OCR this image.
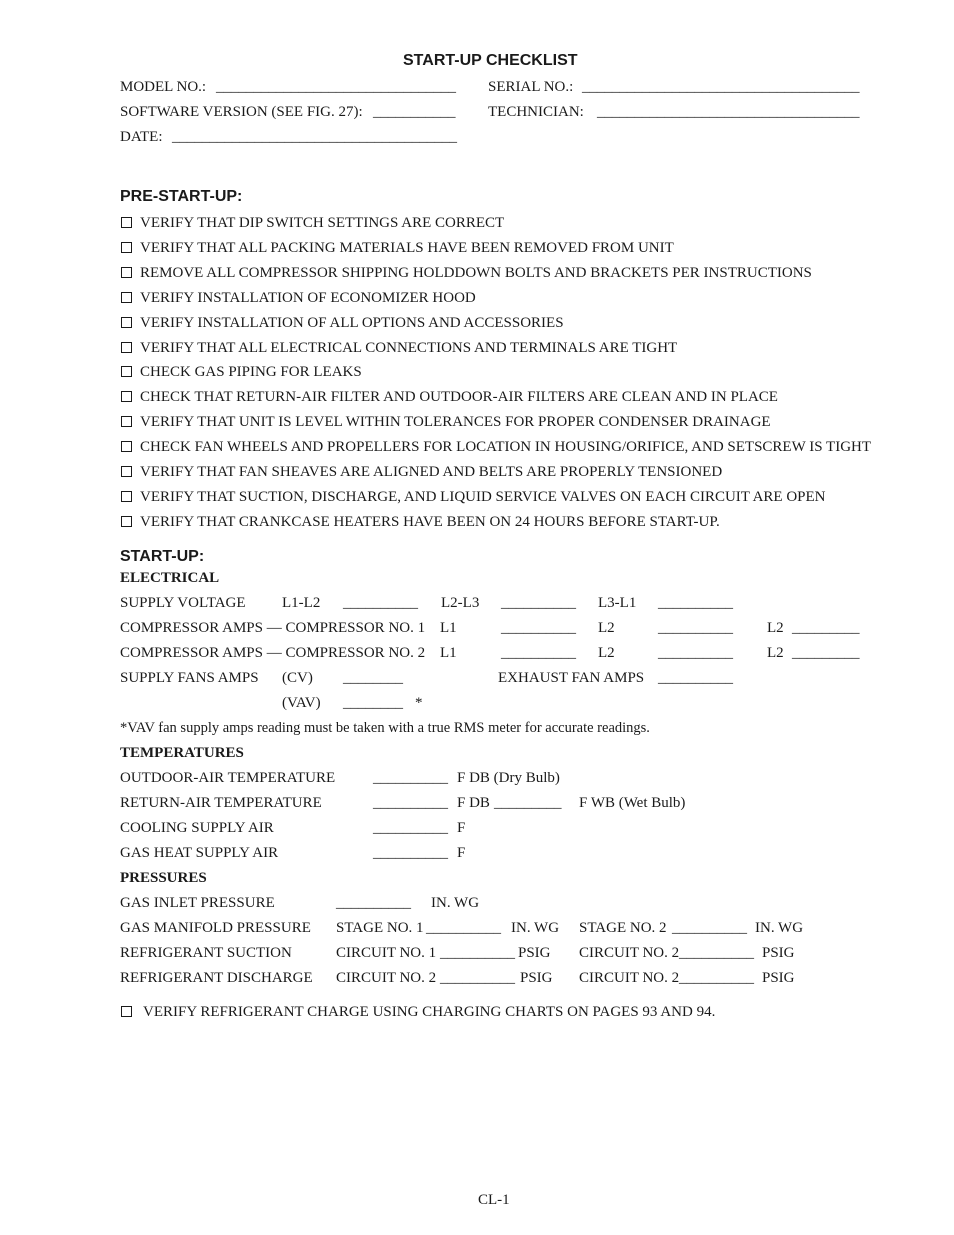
START-UP CHECKLIST
MODEL NO.: ________________________________ SERIAL NO.: _____________________________________
SOFTWARE VERSION (SEE FIG. 27): ___________ TECHNICIAN: ___________________________________
DATE: ______________________________________
PRE-START-UP:
VERIFY THAT DIP SWITCH SETTINGS ARE CORRECT
VERIFY THAT ALL PACKING MATERIALS HAVE BEEN REMOVED FROM UNIT
REMOVE ALL COMPRESSOR SHIPPING HOLDDOWN BOLTS AND BRACKETS PER INSTRUCTIONS
VERIFY INSTALLATION OF ECONOMIZER HOOD
VERIFY INSTALLATION OF ALL OPTIONS AND ACCESSORIES
VERIFY THAT ALL ELECTRICAL CONNECTIONS AND TERMINALS ARE TIGHT
CHECK GAS PIPING FOR LEAKS
CHECK THAT RETURN-AIR FILTER AND OUTDOOR-AIR FILTERS ARE CLEAN AND IN PLACE
VERIFY THAT UNIT IS LEVEL WITHIN TOLERANCES FOR PROPER CONDENSER DRAINAGE
CHECK FAN WHEELS AND PROPELLERS FOR LOCATION IN HOUSING/ORIFICE, AND SETSCREW IS TIGHT
VERIFY THAT FAN SHEAVES ARE ALIGNED AND BELTS ARE PROPERLY TENSIONED
VERIFY THAT SUCTION, DISCHARGE, AND LIQUID SERVICE VALVES ON EACH CIRCUIT ARE OPEN
VERIFY THAT CRANKCASE HEATERS HAVE BEEN ON 24 HOURS BEFORE START-UP.
START-UP:
ELECTRICAL
SUPPLY VOLTAGE L1-L2 __________ L2-L3 __________ L3-L1 __________
COMPRESSOR AMPS — COMPRESSOR NO. 1 L1	__________ L2	__________ L2 _________
COMPRESSOR AMPS — COMPRESSOR NO. 2 L1	__________ L2	__________ L2 _________
SUPPLY FANS AMPS (CV) ________	EXHAUST FAN AMPS __________
(VAV) ________ *
*VAV fan supply amps reading must be taken with a true RMS meter for accurate readings.
TEMPERATURES
OUTDOOR-AIR TEMPERATURE	__________ F DB (Dry Bulb)
RETURN-AIR TEMPERATURE	__________ F DB _________ F WB (Wet Bulb)
COOLING SUPPLY AIR	__________ F
GAS HEAT SUPPLY AIR	__________ F
PRESSURES
GAS INLET PRESSURE	__________ IN. WG
GAS MANIFOLD PRESSURE STAGE NO. 1 __________ IN. WG STAGE NO. 2 __________ IN. WG
REFRIGERANT SUCTION	CIRCUIT NO. 1 __________ PSIG CIRCUIT NO. 2 __________ PSIG
REFRIGERANT DISCHARGE CIRCUIT NO. 2 __________ PSIG CIRCUIT NO. 2 __________ PSIG
VERIFY REFRIGERANT CHARGE USING CHARGING CHARTS ON PAGES 93 AND 94.
CL-1
